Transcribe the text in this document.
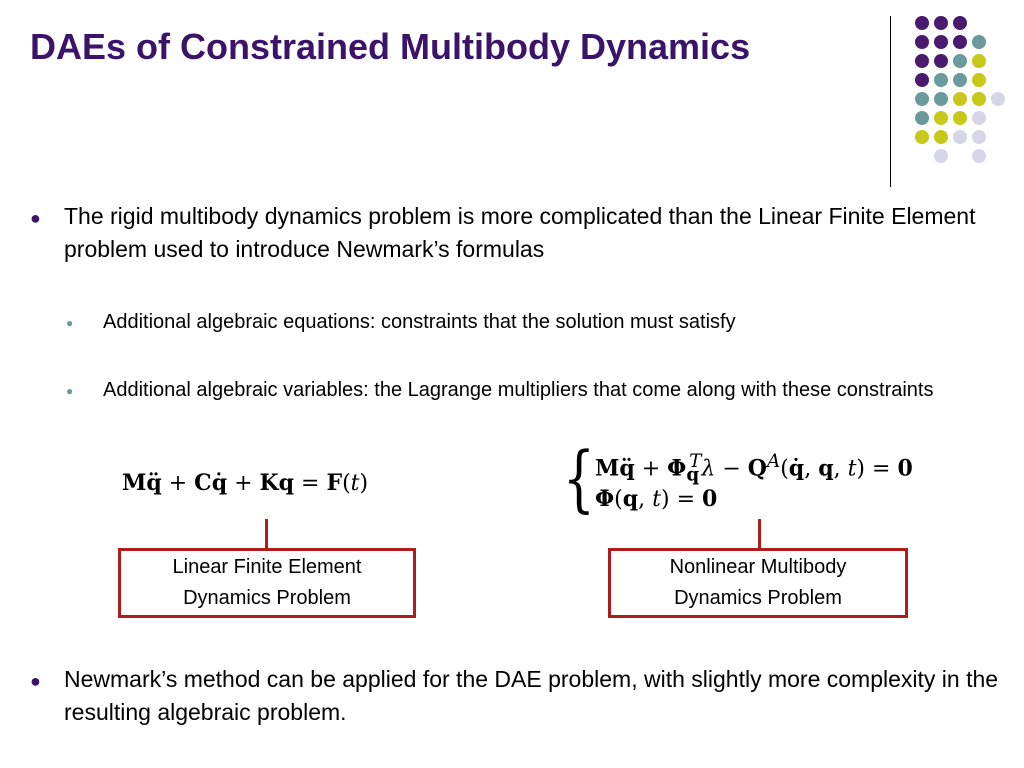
DAEs of Constrained Multibody Dynamics
● The rigid multibody dynamics problem is more complicated than the Linear Finite Element problem used to introduce Newmark’s formulas
● Additional algebraic equations: constraints that the solution must satisfy
● Additional algebraic variables: the Lagrange multipliers that come along with these constraints
Mq̈ + Cq̇ + Kq = F(t)	{ Mq̈ + $\Phi_q^T\lambda$ − $Q^A(q̇$, q, t) = 0
Φ(q, t) = 0
Linear Finite Element
Dynamics Problem
Nonlinear Multibody
Dynamics Problem
● Newmark’s method can be applied for the DAE problem, with slightly more complexity in the resulting algebraic problem.
